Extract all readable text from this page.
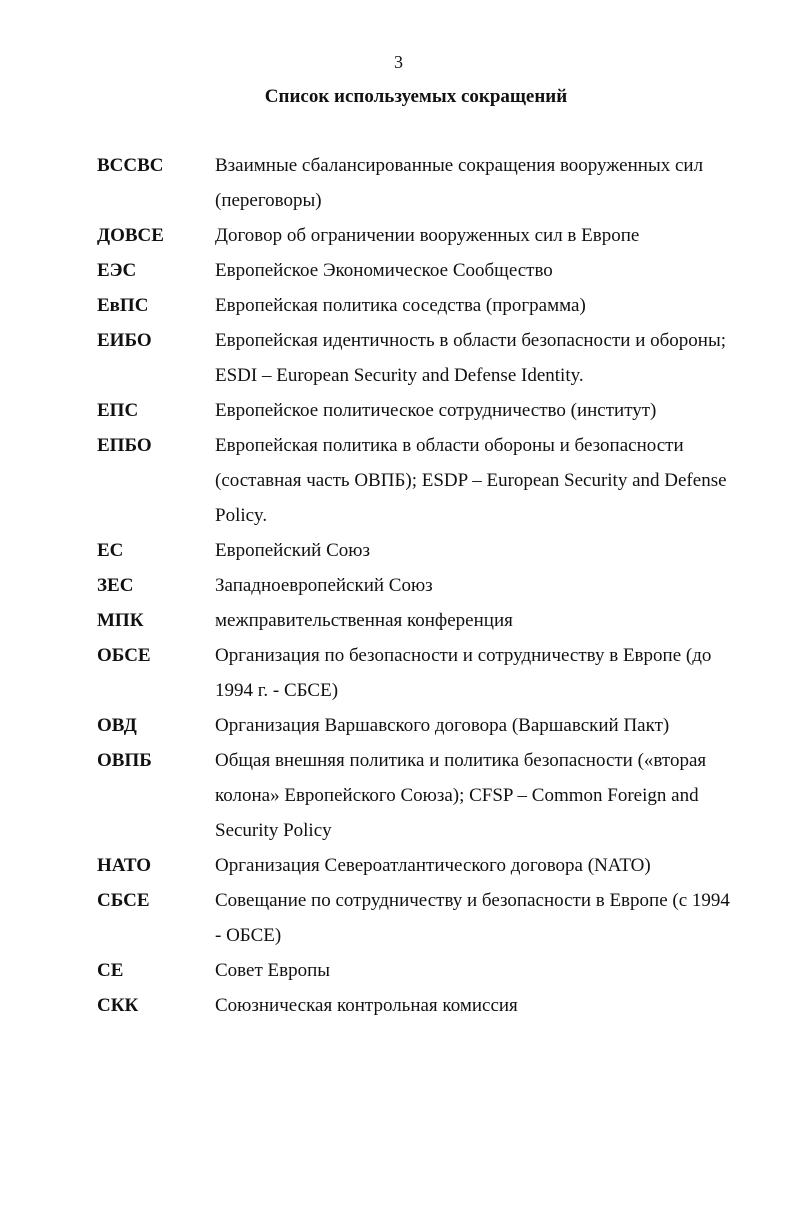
3
Список используемых сокращений
ВССВС	Взаимные сбалансированные сокращения вооруженных сил (переговоры)
ДОВСЕ	Договор об ограничении вооруженных сил в Европе
ЕЭС	Европейское Экономическое Сообщество
ЕвПС	Европейская политика соседства (программа)
ЕИБО	Европейская идентичность в области безопасности и обороны; ESDI – European Security and Defense Identity.
ЕПС	Европейское политическое сотрудничество (институт)
ЕПБО	Европейская политика в области обороны и безопасности (составная часть ОВПБ); ESDP – European Security and Defense Policy.
ЕС	Европейский Союз
ЗЕС	Западноевропейский Союз
МПК	межправительственная конференция
ОБСЕ	Организация по безопасности и сотрудничеству в Европе (до 1994 г. - СБСЕ)
ОВД	Организация Варшавского договора (Варшавский Пакт)
ОВПБ	Общая внешняя политика и политика безопасности («вторая колона» Европейского Союза); CFSP – Common Foreign and Security Policy
НАТО	Организация Североатлантического договора (NATO)
СБСЕ	Совещание по сотрудничеству и безопасности в Европе (с 1994 - ОБСЕ)
СЕ	Совет Европы
СКК	Союзническая контрольная комиссия
